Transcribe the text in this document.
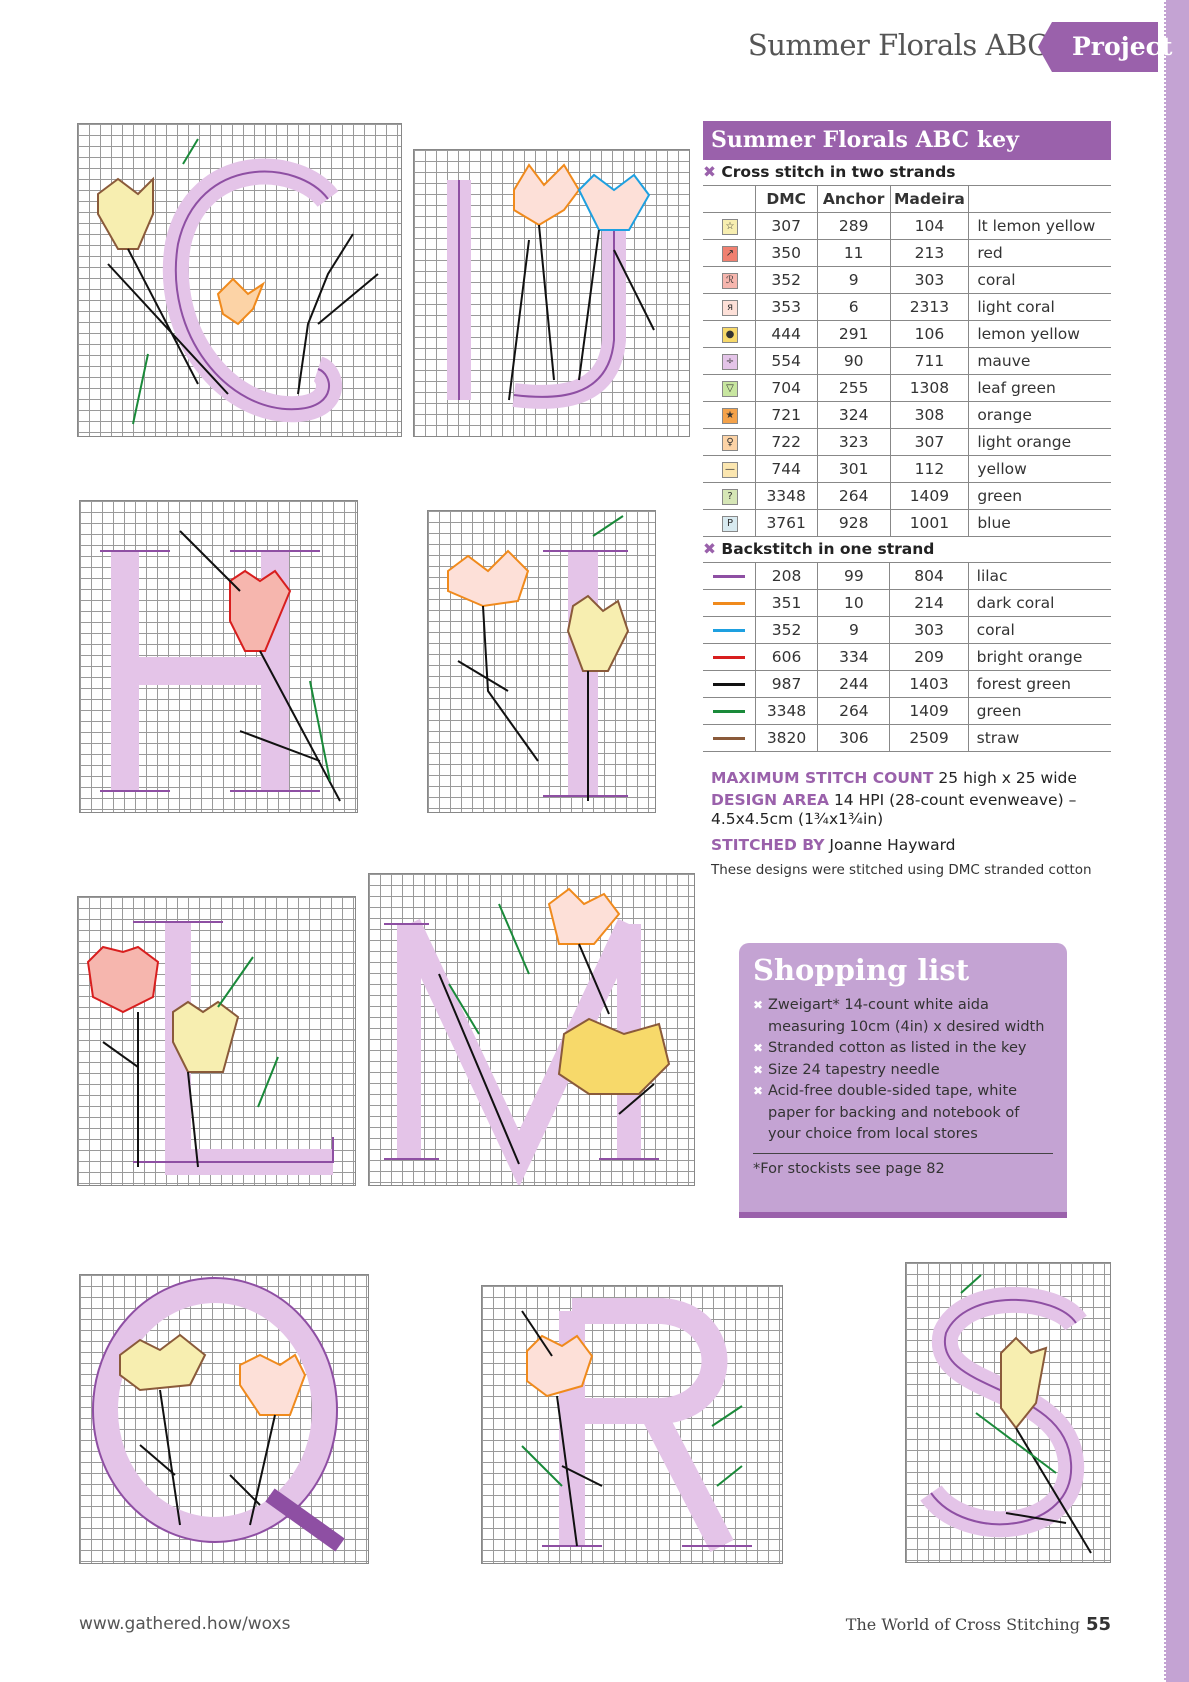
Summer Florals ABC Project
Summer Florals ABC key
✖ Cross stitch in two strands
	DMC	Anchor	Madeira	
☆	307	289	104	lt lemon yellow
↗	350	11	213	red
ℛ	352	9	303	coral
я	353	6	2313	light coral
●	444	291	106	lemon yellow
÷	554	90	711	mauve
▽	704	255	1308	leaf green
★	721	324	308	orange
♀	722	323	307	light orange
—	744	301	112	yellow
?	3348	264	1409	green
P	3761	928	1001	blue
✖ Backstitch in one strand
	208	99	804	lilac
	351	10	214	dark coral
	352	9	303	coral
	606	334	209	bright orange
	987	244	1403	forest green
	3348	264	1409	green
	3820	306	2509	straw
MAXIMUM STITCH COUNT 25 high x 25 wide
DESIGN AREA 14 HPI (28-count evenweave) –
4.5x4.5cm (1¾x1¾in)
STITCHED BY Joanne Hayward
These designs were stitched using DMC stranded cotton
Shopping list
✖ Zweigart* 14-count white aida measuring 10cm (4in) x desired width
✖ Stranded cotton as listed in the key
✖ Size 24 tapestry needle
✖ Acid-free double-sided tape, white paper for backing and notebook of your choice from local stores
*For stockists see page 82
www.gathered.how/woxs	The World of Cross Stitching 55
